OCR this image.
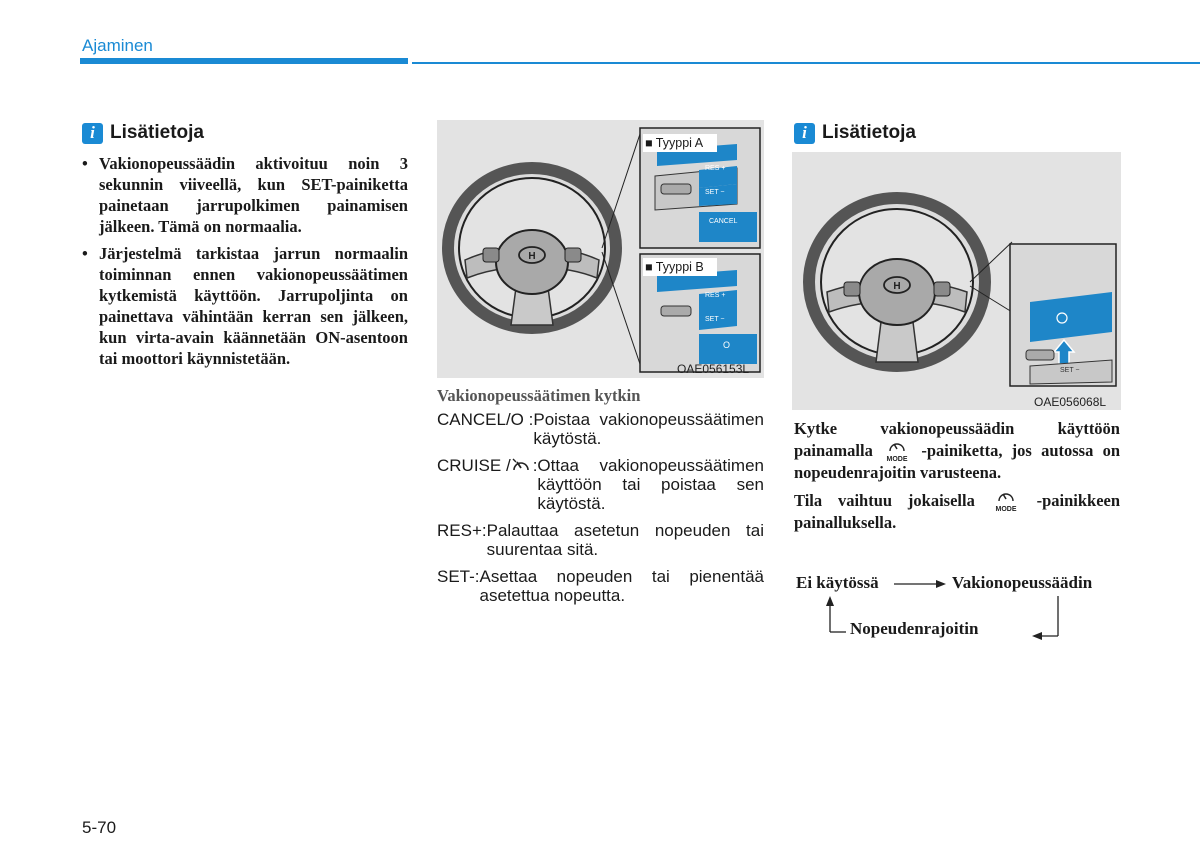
Ajaminen
i Lisätietoja
• Vakionopeussäädin aktivoituu noin 3 sekunnin viiveellä, kun SET-painiketta painetaan jarrupolkimen painamisen jälkeen. Tämä on normaalia.
• Järjestelmä tarkistaa jarrun normaalin toiminnan ennen vakionopeussäätimen kytkemistä käyttöön. Jarrupoljinta on painettava vähintään kerran sen jälkeen, kun virta-avain käännetään ON-asentoon tai moottori käynnistetään.
H
■ Tyyppi A
■ Tyyppi B
RES +
SET −
CANCEL
RES +
SET −
O
OAE056153L
Vakionopeussäätimen kytkin
CANCEL/O : Poistaa vakionopeussäätimen käytöstä.
CRUISE / : Ottaa vakionopeussäätimen käyttöön tai poistaa sen käytöstä.
RES+: Palauttaa asetetun nopeuden tai suurentaa sitä.
SET-: Asettaa nopeuden tai pienentää asetettua nopeutta.
i Lisätietoja
H
SET −
OAE056068L

Kytke vakionopeussäädin käyttöön painamalla MODE -painiketta, jos autossa on nopeudenrajoitin varusteena.

Tila vaihtuu jokaisella	MODE -painikkeen painalluksella.

Ei käytössä	Vakionopeussäädin
Nopeudenrajoitin
5-70
